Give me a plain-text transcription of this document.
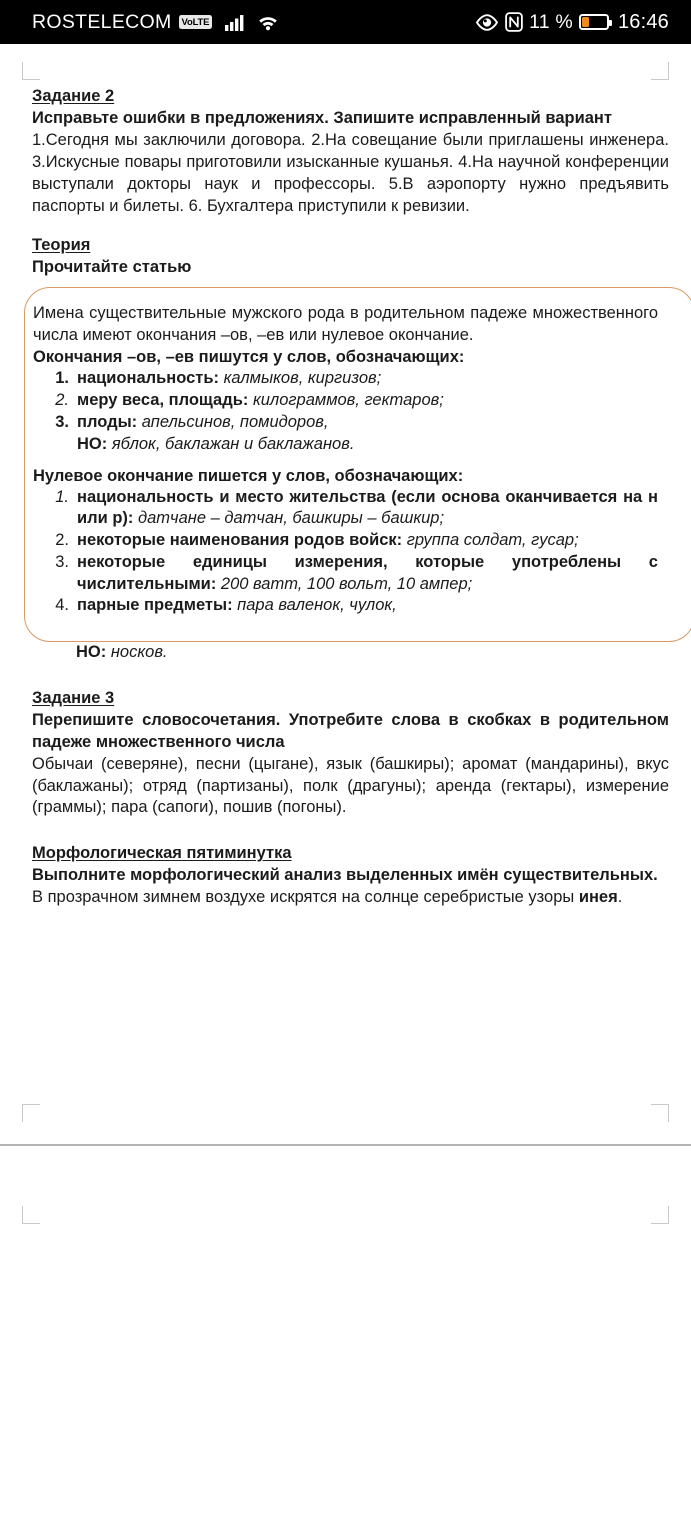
ROSTELECOM	VoLTE	11 % 16:46

Задание 2

Исправьте ошибки в предложениях. Запишите исправленный вариант

1.Сегодня мы заключили договора. 2.На совещание были приглашены инженера. 3.Искусные повары приготовили изысканные кушанья. 4.На научной конференции выступали докторы наук и профессоры. 5.В аэропорту нужно предъявить паспорты и билеты. 6. Бухгалтера приступили к ревизии.

Теория

Прочитайте статью

Имена существительные мужского рода в родительном падеже множественного числа имеют окончания –ов, –ев или нулевое окончание.

Окончания –ов, –ев пишутся у слов, обозначающих:

национальность: калмыков, киргизов;
меру веса, площадь: килограммов, гектаров;
плоды: апельсинов, помидоров,
НО: яблок, баклажан и баклажанов.

Нулевое окончание пишется у слов, обозначающих:

национальность и место жительства (если основа оканчивается на н или р): датчане – датчан, башкиры – башкир;
некоторые наименования родов войск: группа солдат, гусар;
некоторые единицы измерения, которые употреблены с числительными: 200 ватт, 100 вольт, 10 ампер;
парные предметы: пара валенок, чулок,

НО: носков.

Задание 3

Перепишите словосочетания. Употребите слова в скобках в родительном падеже множественного числа

Обычаи (северяне), песни (цыгане), язык (башкиры); аромат (мандарины), вкус (баклажаны); отряд (партизаны), полк (драгуны); аренда (гектары), измерение (граммы); пара (сапоги), пошив (погоны).

Морфологическая пятиминутка

Выполните морфологический анализ выделенных имён существительных.

В прозрачном зимнем воздухе искрятся на солнце серебристые узоры инея.
